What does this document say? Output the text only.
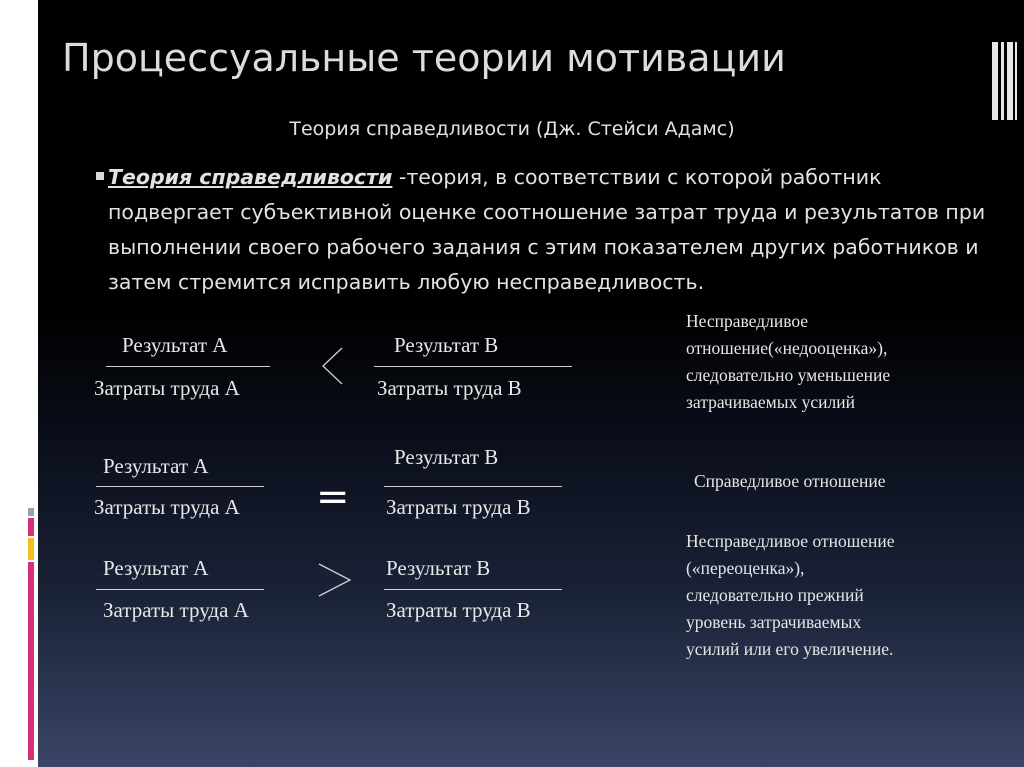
Процессуальные теории мотивации
Теория справедливости (Дж. Стейси Адамс)
Теория справедливости -теория, в соответствии с которой работник подвергает субъективной оценке соотношение затрат труда и результатов при выполнении своего рабочего задания с этим показателем других работников и затем стремится исправить любую несправедливость.
Результат А
Затраты труда А
Результат В
Затраты труда В
Несправедливое
отношение(«недооценка»),
следовательно уменьшение
затрачиваемых усилий
Результат А
Затраты труда А =
Результат В
Затраты труда В
Справедливое отношение
Результат А
Затраты труда А
Результат В
Затраты труда В
Несправедливое отношение
(«переоценка»),
следовательно прежний
уровень затрачиваемых
усилий или его увеличение.
